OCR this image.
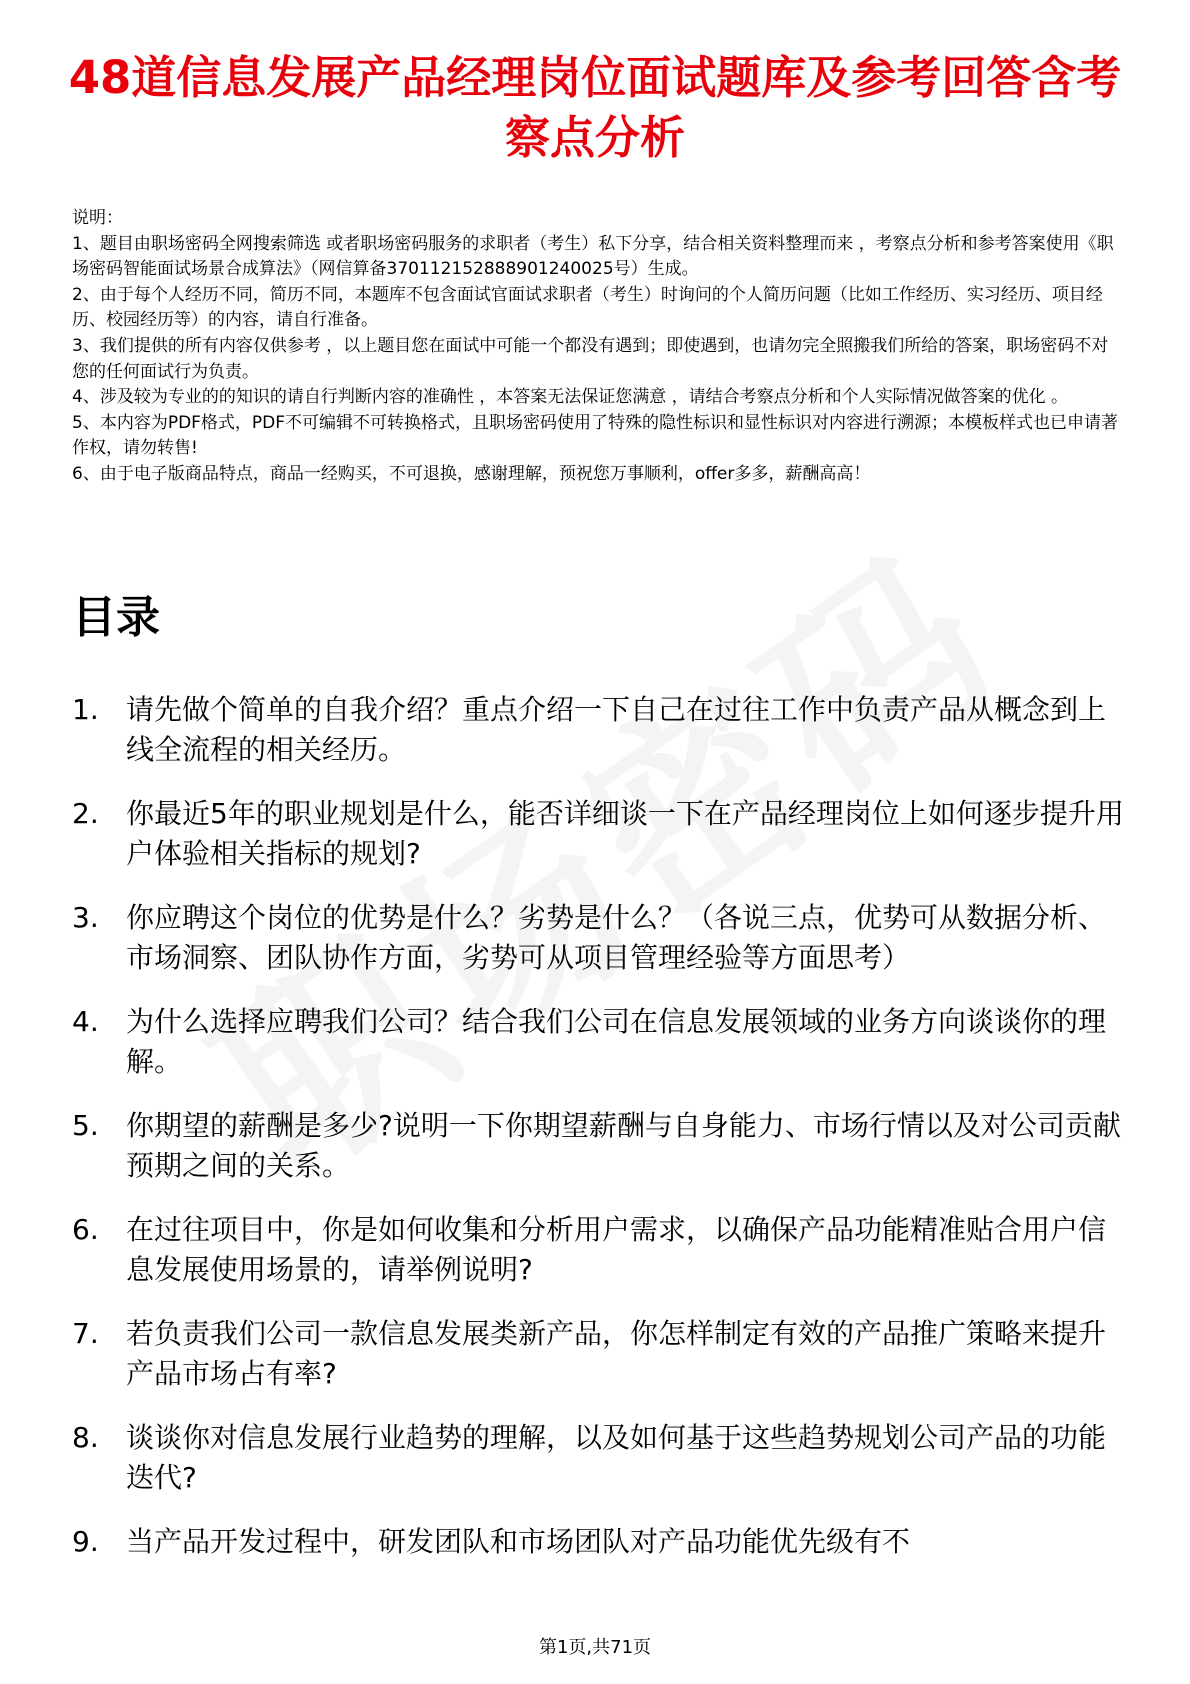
48道信息发展产品经理岗位面试题库及参考回答含考察点分析

说明：

1、题目由职场密码全网搜索筛选 或者职场密码服务的求职者（考生）私下分享，结合相关资料整理而来 ，考察点分析和参考答案使用《职场密码智能面试场景合成算法》（网信算备370112152888901240025号）生成。

2、由于每个人经历不同，简历不同，本题库不包含面试官面试求职者（考生）时询问的个人简历问题（比如工作经历、实习经历、项目经历、校园经历等）的内容，请自行准备。

3、我们提供的所有内容仅供参考 ，以上题目您在面试中可能一个都没有遇到；即使遇到，也请勿完全照搬我们所给的答案，职场密码不对您的任何面试行为负责。

4、涉及较为专业的的知识的请自行判断内容的准确性 ，本答案无法保证您满意 ，请结合考察点分析和个人实际情况做答案的优化 。

5、本内容为PDF格式，PDF不可编辑不可转换格式，且职场密码使用了特殊的隐性标识和显性标识对内容进行溯源；本模板样式也已申请著作权，请勿转售!

6、由于电子版商品特点，商品一经购买，不可退换，感谢理解，预祝您万事顺利，offer多多，薪酬高高！

目录
1. 请先做个简单的自我介绍？重点介绍一下自己在过往工作中负责产品从概念到上线全流程的相关经历。
2. 你最近5年的职业规划是什么，能否详细谈一下在产品经理岗位上如何逐步提升用户体验相关指标的规划?
3. 你应聘这个岗位的优势是什么？劣势是什么？（各说三点，优势可从数据分析、市场洞察、团队协作方面，劣势可从项目管理经验等方面思考）
4. 为什么选择应聘我们公司？结合我们公司在信息发展领域的业务方向谈谈你的理解。
5. 你期望的薪酬是多少?说明一下你期望薪酬与自身能力、市场行情以及对公司贡献预期之间的关系。
6. 在过往项目中，你是如何收集和分析用户需求，以确保产品功能精准贴合用户信息发展使用场景的，请举例说明?
7. 若负责我们公司一款信息发展类新产品，你怎样制定有效的产品推广策略来提升产品市场占有率?
8. 谈谈你对信息发展行业趋势的理解，以及如何基于这些趋势规划公司产品的功能迭代?
9. 当产品开发过程中，研发团队和市场团队对产品功能优先级有不
第1页,共71页
